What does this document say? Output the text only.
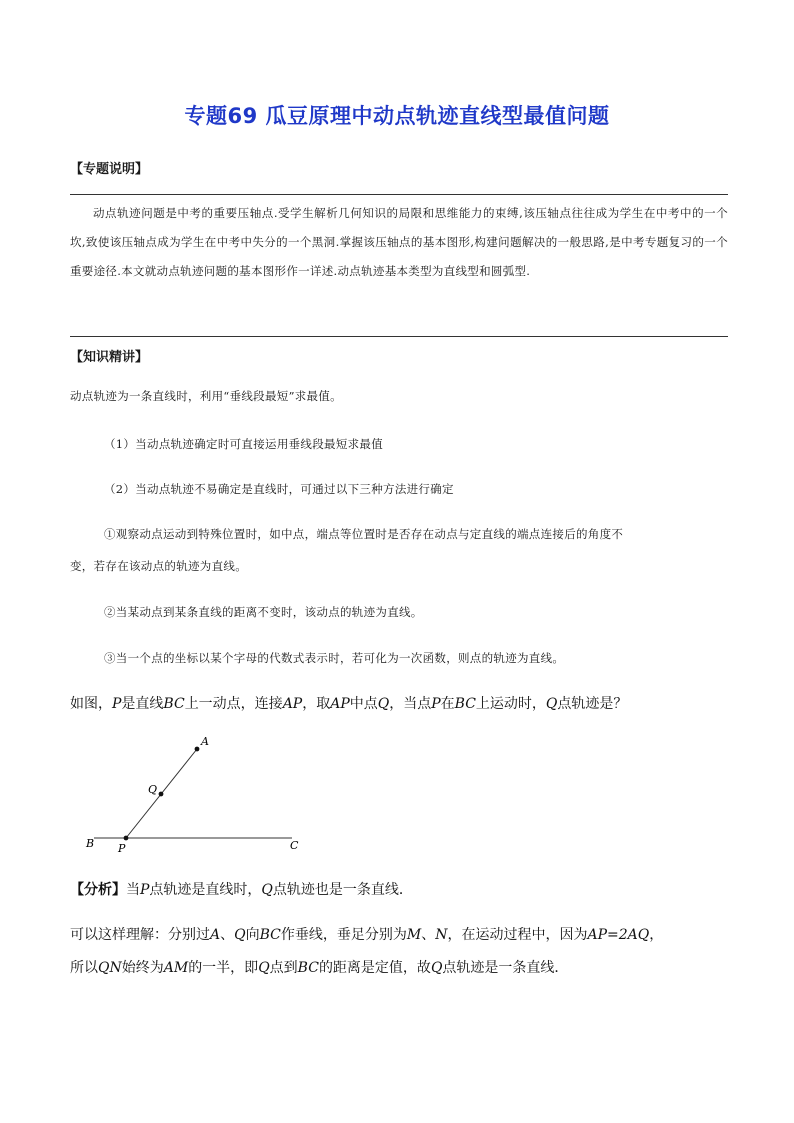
专题69 瓜豆原理中动点轨迹直线型最值问题
【专题说明】
动点轨迹问题是中考的重要压轴点.受学生解析几何知识的局限和思维能力的束缚,该压轴点往往成为学生在中考中的一个坎,致使该压轴点成为学生在中考中失分的一个黑洞.掌握该压轴点的基本图形,构建问题解决的一般思路,是中考专题复习的一个重要途径.本文就动点轨迹问题的基本图形作一详述.动点轨迹基本类型为直线型和圆弧型.
【知识精讲】
动点轨迹为一条直线时，利用“垂线段最短”求最值。
（1）当动点轨迹确定时可直接运用垂线段最短求最值
（2）当动点轨迹不易确定是直线时，可通过以下三种方法进行确定
①观察动点运动到特殊位置时，如中点，端点等位置时是否存在动点与定直线的端点连接后的角度不
变，若存在该动点的轨迹为直线。
②当某动点到某条直线的距离不变时，该动点的轨迹为直线。
③当一个点的坐标以某个字母的代数式表示时，若可化为一次函数，则点的轨迹为直线。
如图，P是直线BC上一动点，连接AP，取AP中点Q，当点P在BC上运动时，Q点轨迹是？
A
Q
B P	C
【分析】当P点轨迹是直线时，Q点轨迹也是一条直线．
可以这样理解：分别过A、Q向BC作垂线，垂足分别为M、N，在运动过程中，因为AP=2AQ，
所以QN始终为AM的一半，即Q点到BC的距离是定值，故Q点轨迹是一条直线．
